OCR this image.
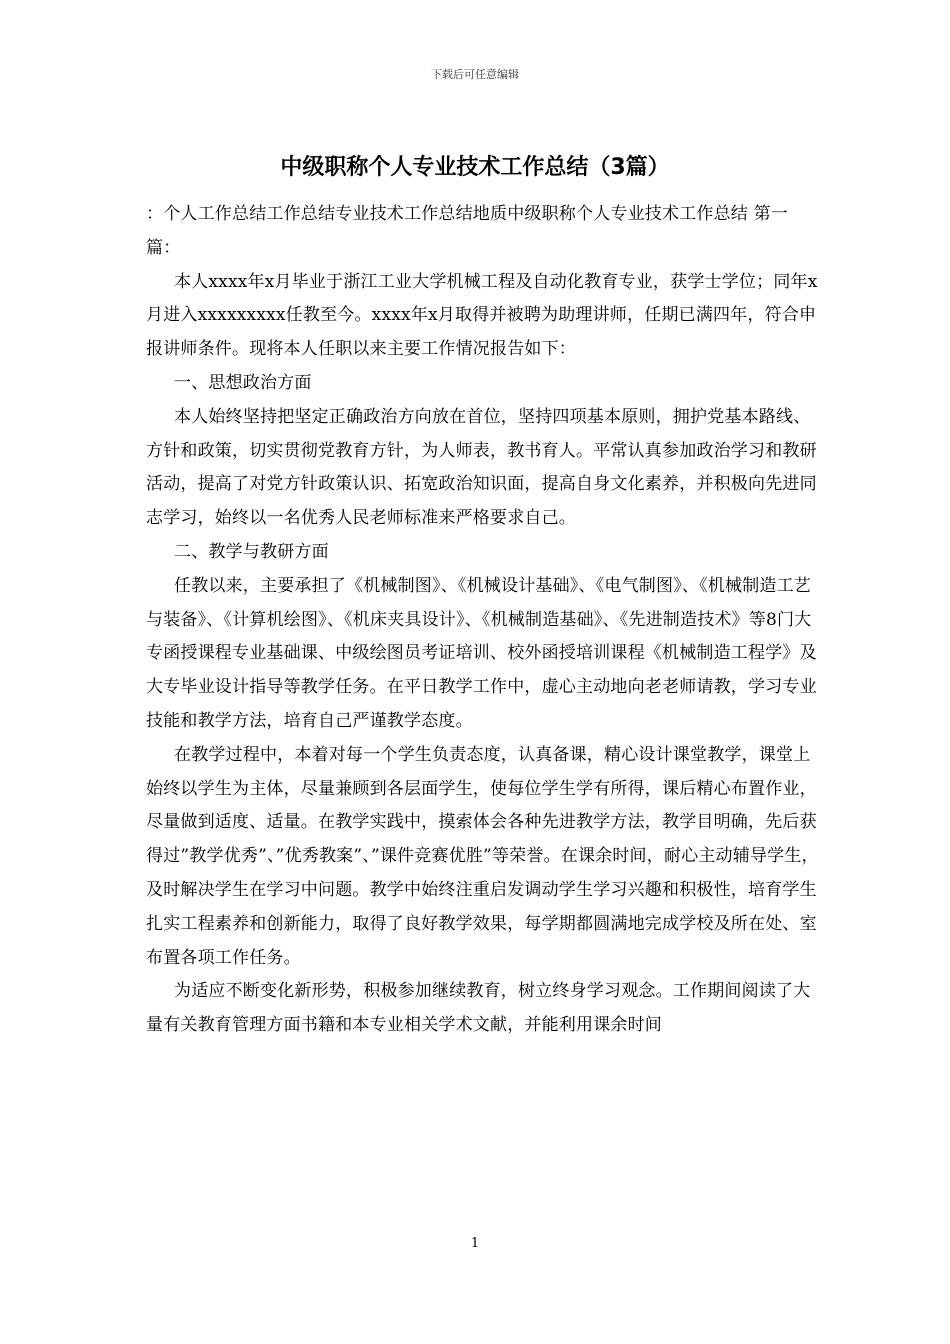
下载后可任意编辑
中级职称个人专业技术工作总结（3篇）

：个人工作总结工作总结专业技术工作总结地质中级职称个人专业技术工作总结 第一篇：

本人xxxx年x月毕业于浙江工业大学机械工程及自动化教育专业，获学士学位；同年x月进入xxxxxxxxx任教至今。xxxx年x月取得并被聘为助理讲师，任期已满四年，符合申报讲师条件。现将本人任职以来主要工作情况报告如下：

一、思想政治方面

本人始终坚持把坚定正确政治方向放在首位，坚持四项基本原则，拥护党基本路线、方针和政策，切实贯彻党教育方针，为人师表，教书育人。平常认真参加政治学习和教研活动，提高了对党方针政策认识、拓宽政治知识面，提高自身文化素养，并积极向先进同志学习，始终以一名优秀人民老师标准来严格要求自己。

二、教学与教研方面

任教以来，主要承担了《机械制图》、《机械设计基础》、《电气制图》、《机械制造工艺与装备》、《计算机绘图》、《机床夹具设计》、《机械制造基础》、《先进制造技术》等8门大专函授课程专业基础课、中级绘图员考证培训、校外函授培训课程《机械制造工程学》及大专毕业设计指导等教学任务。在平日教学工作中，虚心主动地向老老师请教，学习专业技能和教学方法，培育自己严谨教学态度。

在教学过程中，本着对每一个学生负责态度，认真备课，精心设计课堂教学，课堂上始终以学生为主体，尽量兼顾到各层面学生，使每位学生学有所得，课后精心布置作业，尽量做到适度、适量。在教学实践中，摸索体会各种先进教学方法，教学目明确，先后获得过”教学优秀”、”优秀教案”、”课件竞赛优胜”等荣誉。在课余时间，耐心主动辅导学生，及时解决学生在学习中问题。教学中始终注重启发调动学生学习兴趣和积极性，培育学生扎实工程素养和创新能力，取得了良好教学效果，每学期都圆满地完成学校及所在处、室布置各项工作任务。

为适应不断变化新形势，积极参加继续教育，树立终身学习观念。工作期间阅读了大量有关教育管理方面书籍和本专业相关学术文献，并能利用课余时间

1
